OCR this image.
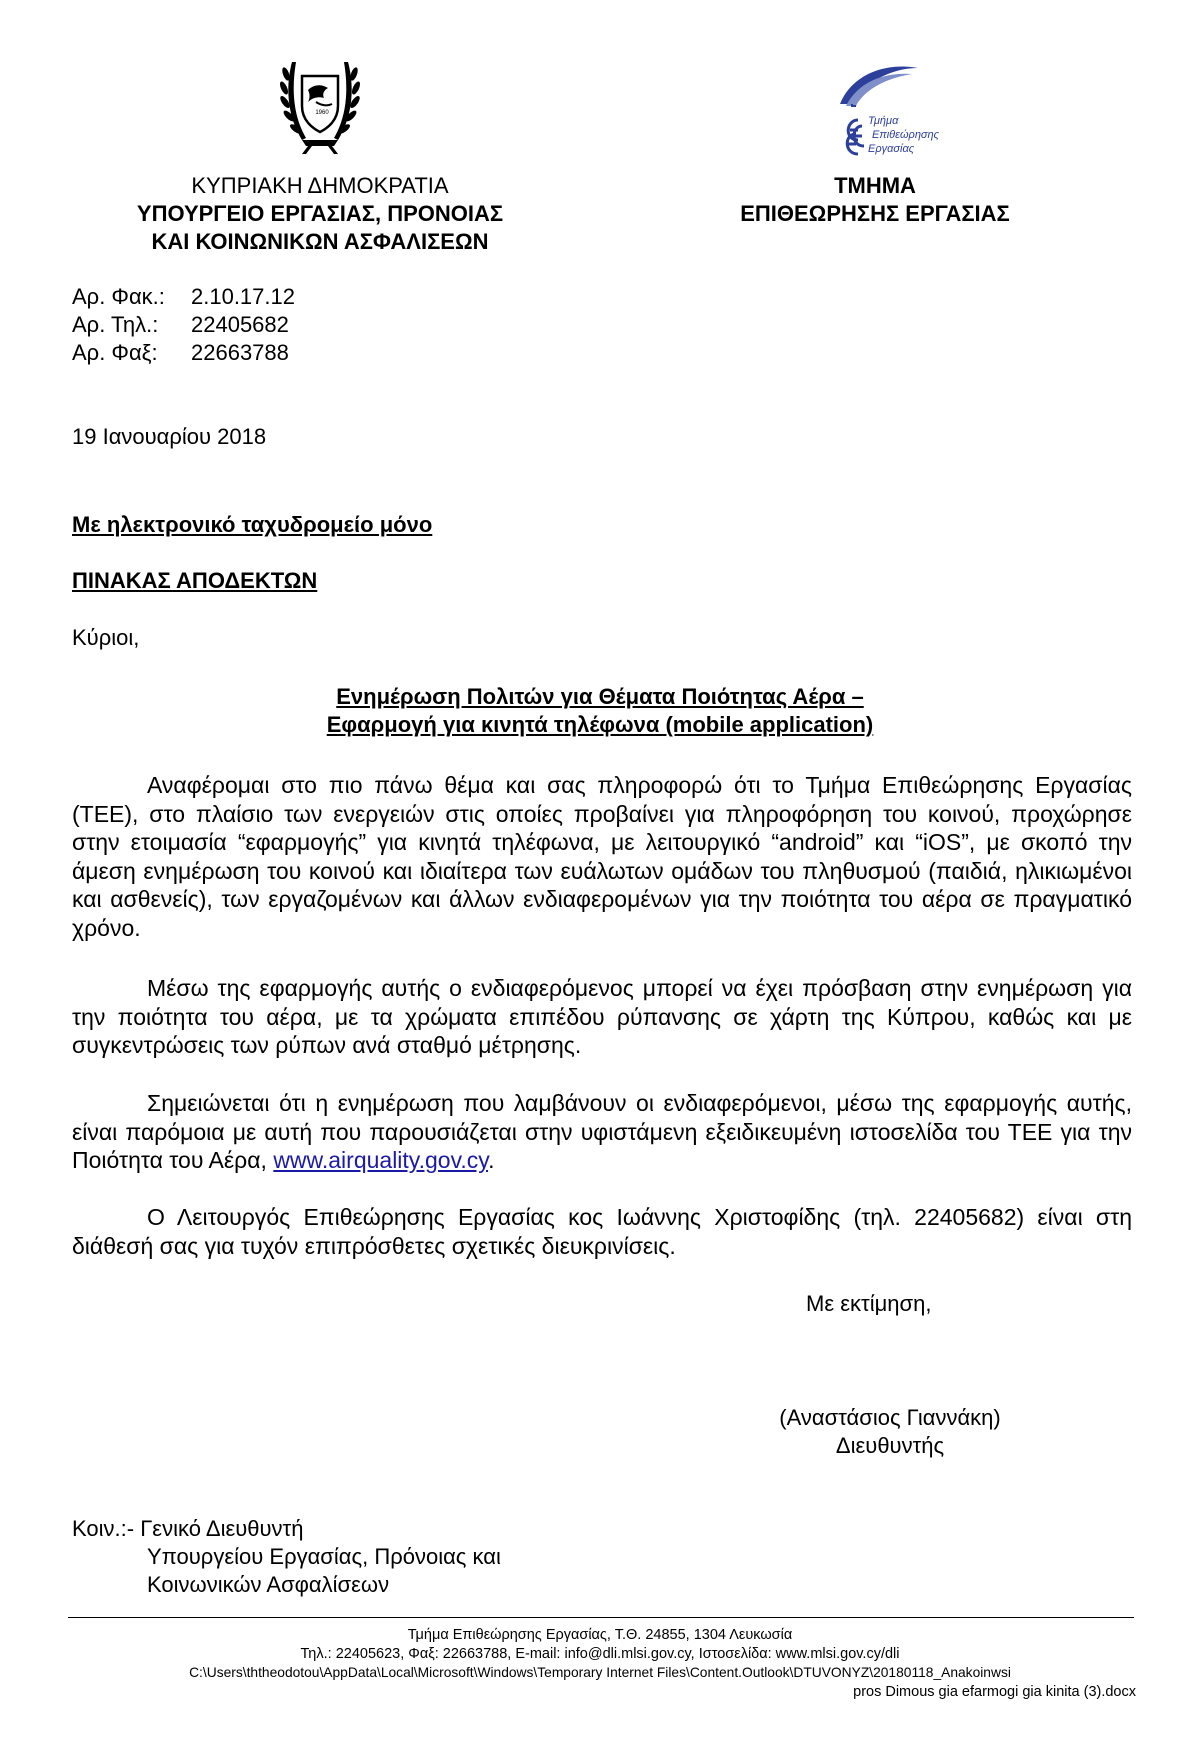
1960
Τμήμα
Επιθεώρησης
Εργασίας
ΚΥΠΡΙΑΚΗ ΔΗΜΟΚΡΑΤΙΑ
ΥΠΟΥΡΓΕΙΟ ΕΡΓΑΣΙΑΣ, ΠΡΟΝΟΙΑΣ
ΚΑΙ ΚΟΙΝΩΝΙΚΩΝ ΑΣΦΑΛΙΣΕΩΝ
ΤΜΗΜΑ
ΕΠΙΘΕΩΡΗΣΗΣ ΕΡΓΑΣΙΑΣ
Αρ. Φακ.: 2.10.17.12
Αρ. Τηλ.: 22405682
Αρ. Φαξ: 22663788
19 Ιανουαρίου 2018
Με ηλεκτρονικό ταχυδρομείο μόνο
ΠΙΝΑΚΑΣ ΑΠΟΔΕΚΤΩΝ
Κύριοι,
Ενημέρωση Πολιτών για Θέματα Ποιότητας Αέρα –
Εφαρμογή για κινητά τηλέφωνα (mobile application)
Αναφέρομαι στο πιο πάνω θέμα και σας πληροφορώ ότι το Τμήμα Επιθεώρησης Εργασίας (ΤΕΕ), στο πλαίσιο των ενεργειών στις οποίες προβαίνει για πληροφόρηση του κοινού, προχώρησε στην ετοιμασία “εφαρμογής” για κινητά τηλέφωνα, με λειτουργικό “android” και “iOS”, με σκοπό την άμεση ενημέρωση του κοινού και ιδιαίτερα των ευάλωτων ομάδων του πληθυσμού (παιδιά, ηλικιωμένοι και ασθενείς), των εργαζομένων και άλλων ενδιαφερομένων για την ποιότητα του αέρα σε πραγματικό χρόνο.
Μέσω της εφαρμογής αυτής ο ενδιαφερόμενος μπορεί να έχει πρόσβαση στην ενημέρωση για την ποιότητα του αέρα, με τα χρώματα επιπέδου ρύπανσης σε χάρτη της Κύπρου, καθώς και με συγκεντρώσεις των ρύπων ανά σταθμό μέτρησης.
Σημειώνεται ότι η ενημέρωση που λαμβάνουν οι ενδιαφερόμενοι, μέσω της εφαρμογής αυτής, είναι παρόμοια με αυτή που παρουσιάζεται στην υφιστάμενη εξειδικευμένη ιστοσελίδα του ΤΕΕ για την Ποιότητα του Αέρα, www.airquality.gov.cy.
Ο Λειτουργός Επιθεώρησης Εργασίας κος Ιωάννης Χριστοφίδης (τηλ. 22405682) είναι στη διάθεσή σας για τυχόν επιπρόσθετες σχετικές διευκρινίσεις.
Με εκτίμηση,
(Αναστάσιος Γιαννάκη)
Διευθυντής
Κοιν.:- Γενικό Διευθυντή
Υπουργείου Εργασίας, Πρόνοιας και
Κοινωνικών Ασφαλίσεων
Τμήμα Επιθεώρησης Εργασίας, Τ.Θ. 24855, 1304 Λευκωσία
Τηλ.: 22405623, Φαξ: 22663788, E-mail: info@dli.mlsi.gov.cy, Ιστοσελίδα: www.mlsi.gov.cy/dli
C:\Users\ththeodotou\AppData\Local\Microsoft\Windows\Temporary Internet Files\Content.Outlook\DTUVONYZ\20180118_Anakoinwsi
pros Dimous gia efarmogi gia kinita (3).docx
